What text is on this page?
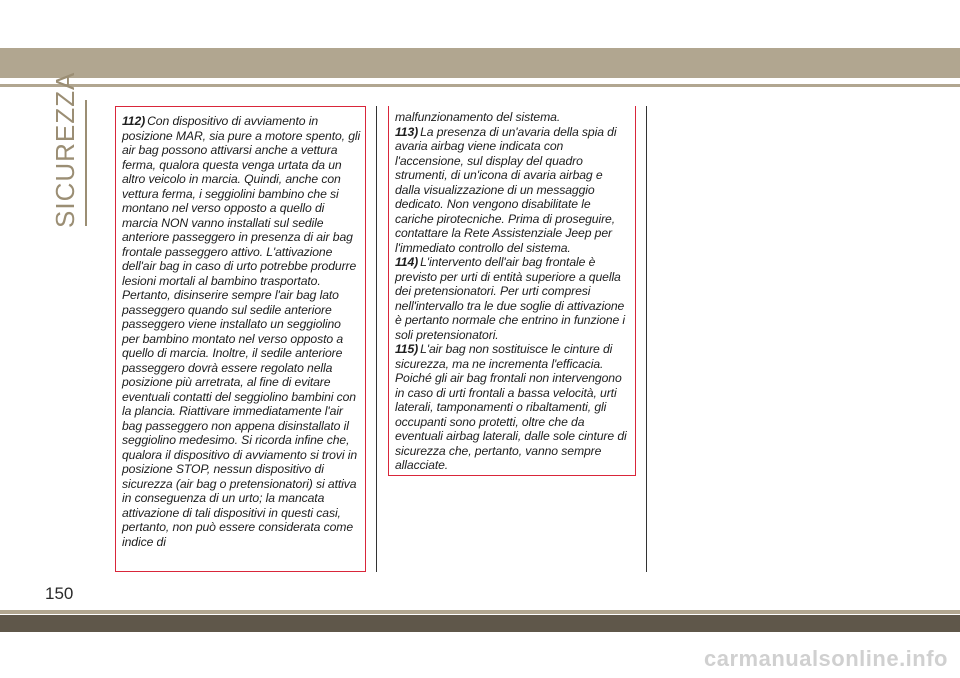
SICUREZZA	112) Con dispositivo di avviamento in posizione MAR, sia pure a motore spento, gli air bag possono attivarsi anche a vettura ferma, qualora questa venga urtata da un altro veicolo in marcia. Quindi, anche con vettura ferma, i seggiolini bambino che si montano nel verso opposto a quello di marcia NON vanno installati sul sedile anteriore passeggero in presenza di air bag frontale passeggero attivo. L'attivazione dell'air bag in caso di urto potrebbe produrre lesioni mortali al bambino trasportato. Pertanto, disinserire sempre l'air bag lato passeggero quando sul sedile anteriore passeggero viene installato un seggiolino per bambino montato nel verso opposto a quello di marcia. Inoltre, il sedile anteriore passeggero dovrà essere regolato nella posizione più arretrata, al fine di evitare eventuali contatti del seggiolino bambini con la plancia. Riattivare immediatamente l'air bag passeggero non appena disinstallato il seggiolino medesimo. Si ricorda infine che, qualora il dispositivo di avviamento si trovi in posizione STOP, nessun dispositivo di sicurezza (air bag o pretensionatori) si attiva in conseguenza di un urto; la mancata attivazione di tali dispositivi in questi casi, pertanto, non può essere considerata come indice di

malfunzionamento del sistema.

113) La presenza di un'avaria della spia di avaria airbag viene indicata con l'accensione, sul display del quadro strumenti, di un'icona di avaria airbag e dalla visualizzazione di un messaggio dedicato. Non vengono disabilitate le cariche pirotecniche. Prima di proseguire, contattare la Rete Assistenziale Jeep per l'immediato controllo del sistema.

114) L'intervento dell'air bag frontale è previsto per urti di entità superiore a quella dei pretensionatori. Per urti compresi nell'intervallo tra le due soglie di attivazione è pertanto normale che entrino in funzione i soli pretensionatori.

115) L'air bag non sostituisce le cinture di sicurezza, ma ne incrementa l'efficacia. Poiché gli air bag frontali non intervengono in caso di urti frontali a bassa velocità, urti laterali, tamponamenti o ribaltamenti, gli occupanti sono protetti, oltre che da eventuali airbag laterali, dalle sole cinture di sicurezza che, pertanto, vanno sempre allacciate.

150
carmanualsonline.info
